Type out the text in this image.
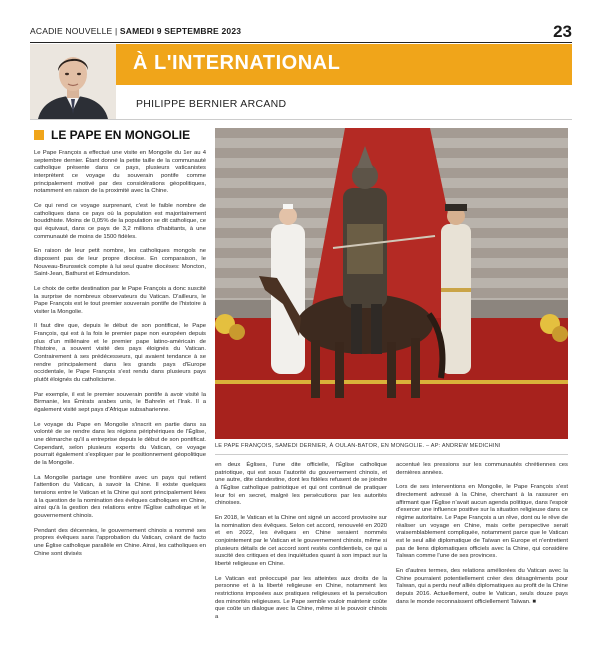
ACADIE NOUVELLE | SAMEDI 9 SEPTEMBRE 2023	23
À L'INTERNATIONAL
PHILIPPE BERNIER ARCAND
LE PAPE EN MONGOLIE

Le Pape François a effectué une visite en Mongolie du 1er au 4 septembre dernier. Étant donné la petite taille de la communauté catholique présente dans ce pays, plusieurs vaticanistes interprètent ce voyage du souverain pontife comme principalement motivé par des considérations géopolitiques, notamment en raison de la proximité avec la Chine.

Ce qui rend ce voyage surprenant, c'est le faible nombre de catholiques dans ce pays où la population est majoritairement bouddhiste. Moins de 0,05% de la population se dit catholique, ce qui équivaut, dans ce pays de 3,2 millions d'habitants, à une communauté de moins de 1500 fidèles.

En raison de leur petit nombre, les catholiques mongols ne disposent pas de leur propre diocèse. En comparaison, le Nouveau-Brunswick compte à lui seul quatre diocèses: Moncton, Saint-Jean, Bathurst et Edmundston.

Le choix de cette destination par le Pape François a donc suscité la surprise de nombreux observateurs du Vatican. D'ailleurs, le Pape François est le tout premier souverain pontife de l'histoire à visiter la Mongolie.

Il faut dire que, depuis le début de son pontificat, le Pape François, qui est à la fois le premier pape non européen depuis plus d'un millénaire et le premier pape latino-américain de l'histoire, a souvent visité des pays éloignés du Vatican. Contrairement à ses prédécesseurs, qui avaient tendance à se rendre principalement dans les grands pays d'Europe occidentale, le Pape François s'est rendu dans plusieurs pays plutôt éloignés du catholicisme.

Par exemple, il est le premier souverain pontife à avoir visité la Birmanie, les Émirats arabes unis, le Bahreïn et l'Irak. Il a également visité sept pays d'Afrique subsaharienne.

Le voyage du Pape en Mongolie s'inscrit en partie dans sa volonté de se rendre dans les régions périphériques de l'Église, une démarche qu'il a entreprise depuis le début de son pontificat. Cependant, selon plusieurs experts du Vatican, ce voyage pourrait également s'expliquer par le positionnement géopolitique de la Mongolie.

La Mongolie partage une frontière avec un pays qui retient l'attention du Vatican, à savoir la Chine. Il existe quelques tensions entre le Vatican et la Chine qui sont principalement liées à la question de la nomination des évêques catholiques en Chine, ainsi qu'à la gestion des relations entre l'Église catholique et le gouvernement chinois.

Pendant des décennies, le gouvernement chinois a nommé ses propres évêques sans l'approbation du Vatican, créant de facto une Église catholique parallèle en Chine. Ainsi, les catholiques en Chine sont divisés

LE PAPE FRANÇOIS, SAMEDI DERNIER, À OULAN-BATOR, EN MONGOLIE. – AP: ANDREW MEDICHINI

en deux Églises, l'une dite officielle, l'Église catholique patriotique, qui est sous l'autorité du gouvernement chinois, et une autre, dite clandestine, dont les fidèles refusent de se joindre à l'Église catholique patriotique et qui ont continué de pratiquer leur foi en secret, malgré les persécutions par les autorités chinoises.

En 2018, le Vatican et la Chine ont signé un accord provisoire sur la nomination des évêques. Selon cet accord, renouvelé en 2020 et en 2022, les évêques en Chine seraient nommés conjointement par le Vatican et le gouvernement chinois, même si plusieurs détails de cet accord sont restés confidentiels, ce qui a suscité des critiques et des inquiétudes quant à son impact sur la liberté religieuse en Chine.

Le Vatican est préoccupé par les atteintes aux droits de la personne et à la liberté religieuse en Chine, notamment les restrictions imposées aux pratiques religieuses et la persécution des minorités religieuses. Le Pape semble vouloir maintenir coûte que coûte un dialogue avec la Chine, même si le pouvoir chinois a

accentué les pressions sur les communautés chrétiennes ces dernières années.

Lors de ses interventions en Mongolie, le Pape François s'est directement adressé à la Chine, cherchant à la rassurer en affirmant que l'Église n'avait aucun agenda politique, dans l'espoir d'exercer une influence positive sur la situation religieuse dans ce régime autoritaire. Le Pape François a un rêve, dont ou le rêve de réaliser un voyage en Chine, mais cette perspective serait vraisemblablement compliquée, notamment parce que le Vatican est le seul allié diplomatique de Taïwan en Europe et n'entretient pas de liens diplomatiques officiels avec la Chine, qui considère Taïwan comme l'une de ses provinces.

En d'autres termes, des relations améliorées du Vatican avec la Chine pourraient potentiellement créer des désagréments pour Taïwan, qui a perdu neuf alliés diplomatiques au profit de la Chine depuis 2016. Actuellement, outre le Vatican, seuls douze pays dans le monde reconnaissent officiellement Taïwan. ■
